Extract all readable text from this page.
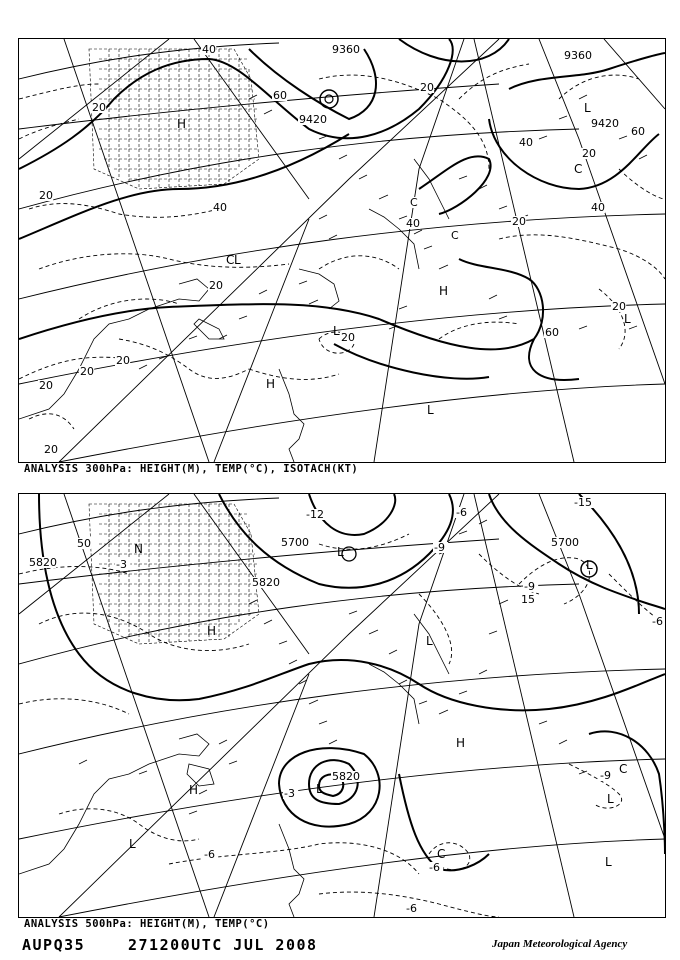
9360
40	9360
60
20
40
9420	9420
60
20
20
20
40	C
C
40	20
40
20
20	60
20
20
20
20
20
H
C L
H
L
H
L
L
L
C
ANALYSIS 300hPa: HEIGHT(M), TEMP(°C), ISOTACH(KT)
5700
-12
5700
-15
5820
5820
-3
50
-9
15
-9
-6
-6
5820
-3
-6
-6
-6
-9
N	L
H
L
H
L
H
L
C
L
C
L
L
ANALYSIS 500hPa: HEIGHT(M), TEMP(°C)
AUPQ35	271200UTC JUL 2008	Japan Meteorological Agency
